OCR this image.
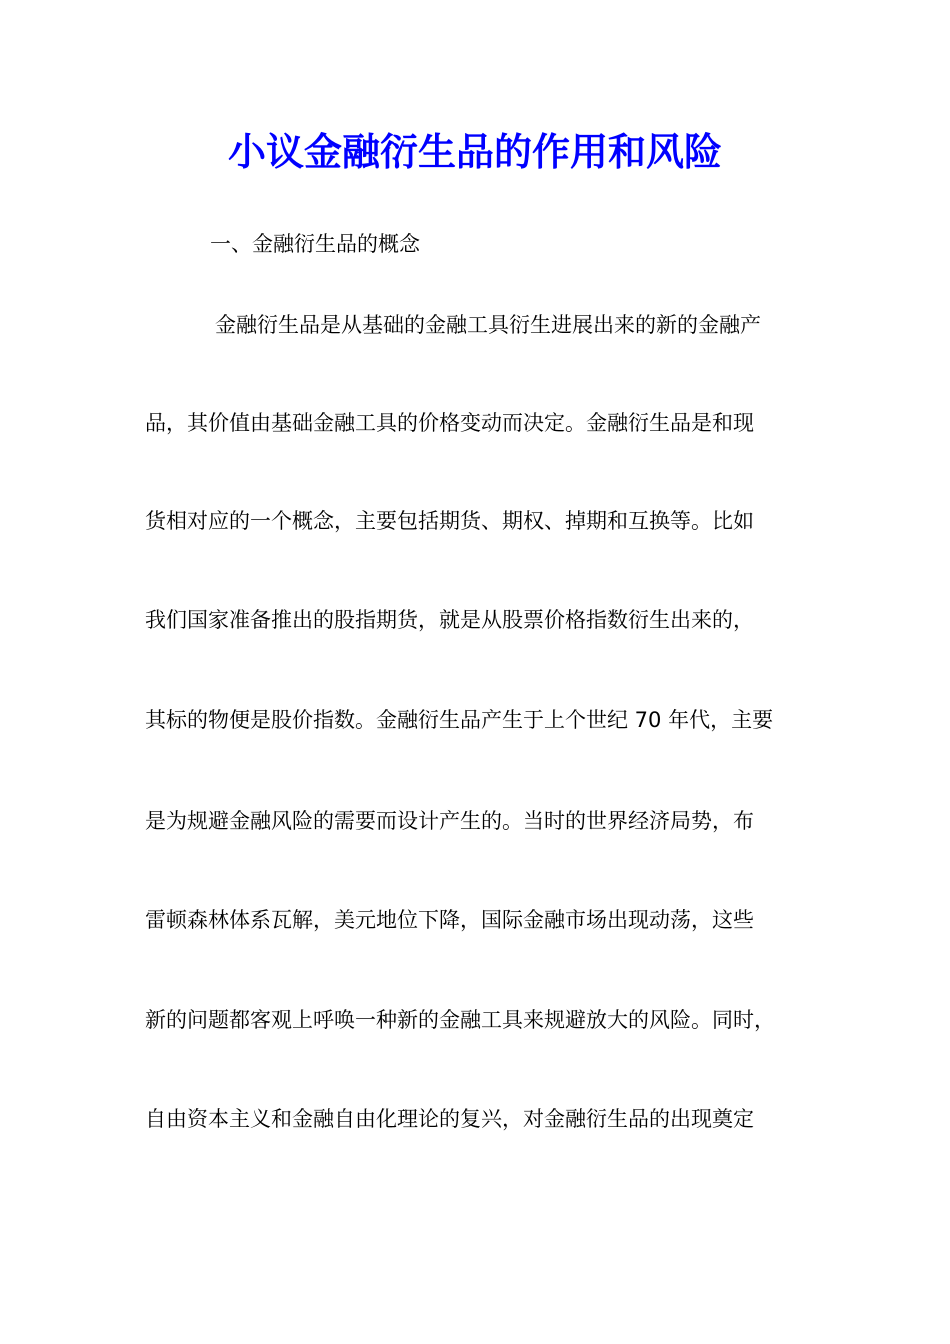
小议金融衍生品的作用和风险
一、金融衍生品的概念
金融衍生品是从基础的金融工具衍生进展出来的新的金融产
品，其价值由基础金融工具的价格变动而决定。金融衍生品是和现
货相对应的一个概念，主要包括期货、期权、掉期和互换等。比如
我们国家准备推出的股指期货，就是从股票价格指数衍生出来的，
其标的物便是股价指数。金融衍生品产生于上个世纪 70 年代，主要
是为规避金融风险的需要而设计产生的。当时的世界经济局势，布
雷顿森林体系瓦解，美元地位下降，国际金融市场出现动荡，这些
新的问题都客观上呼唤一种新的金融工具来规避放大的风险。同时，
自由资本主义和金融自由化理论的复兴，对金融衍生品的出现奠定
